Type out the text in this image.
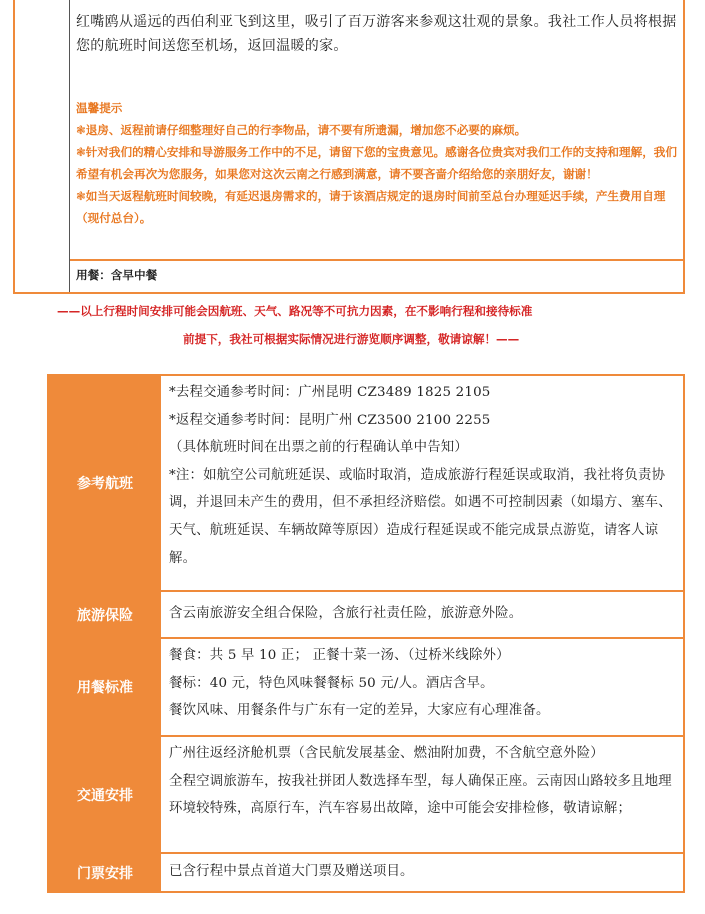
红嘴鸥从遥远的西伯利亚飞到这里，吸引了百万游客来参观这壮观的景象。我社工作人员将根据您的航班时间送您至机场，返回温暖的家。

温馨提示

❃退房、返程前请仔细整理好自己的行李物品，请不要有所遗漏，增加您不必要的麻烦。

❃针对我们的精心安排和导游服务工作中的不足，请留下您的宝贵意见。感谢各位贵宾对我们工作的支持和理解，我们希望有机会再次为您服务，如果您对这次云南之行感到满意，请不要吝啬介绍给您的亲朋好友，谢谢！

❃如当天返程航班时间较晚，有延迟退房需求的，请于该酒店规定的退房时间前至总台办理延迟手续，产生费用自理（现付总台）。

用餐：含早中餐
——以上行程时间安排可能会因航班、天气、路况等不可抗力因素，在不影响行程和接待标准
前提下，我社可根据实际情况进行游览顺序调整，敬请谅解！——
参考航班

*去程交通参考时间：广州昆明 CZ3489 1825 2105

*返程交通参考时间：昆明广州 CZ3500 2100 2255

（具体航班时间在出票之前的行程确认单中告知）

*注：如航空公司航班延误、或临时取消，造成旅游行程延误或取消，我社将负责协调，并退回未产生的费用，但不承担经济赔偿。如遇不可控制因素（如塌方、塞车、天气、航班延误、车辆故障等原因）造成行程延误或不能完成景点游览，请客人谅解。

旅游保险	含云南旅游安全组合保险，含旅行社责任险，旅游意外险。

用餐标准

餐食：共 5 早 10 正； 正餐十菜一汤、（过桥米线除外）

餐标：40 元，特色风味餐餐标 50 元/人。酒店含早。

餐饮风味、用餐条件与广东有一定的差异，大家应有心理准备。

交通安排

广州往返经济舱机票（含民航发展基金、燃油附加费，不含航空意外险）

全程空调旅游车，按我社拼团人数选择车型，每人确保正座。云南因山路较多且地理环境较特殊，高原行车，汽车容易出故障，途中可能会安排检修，敬请谅解；

门票安排	已含行程中景点首道大门票及赠送项目。
